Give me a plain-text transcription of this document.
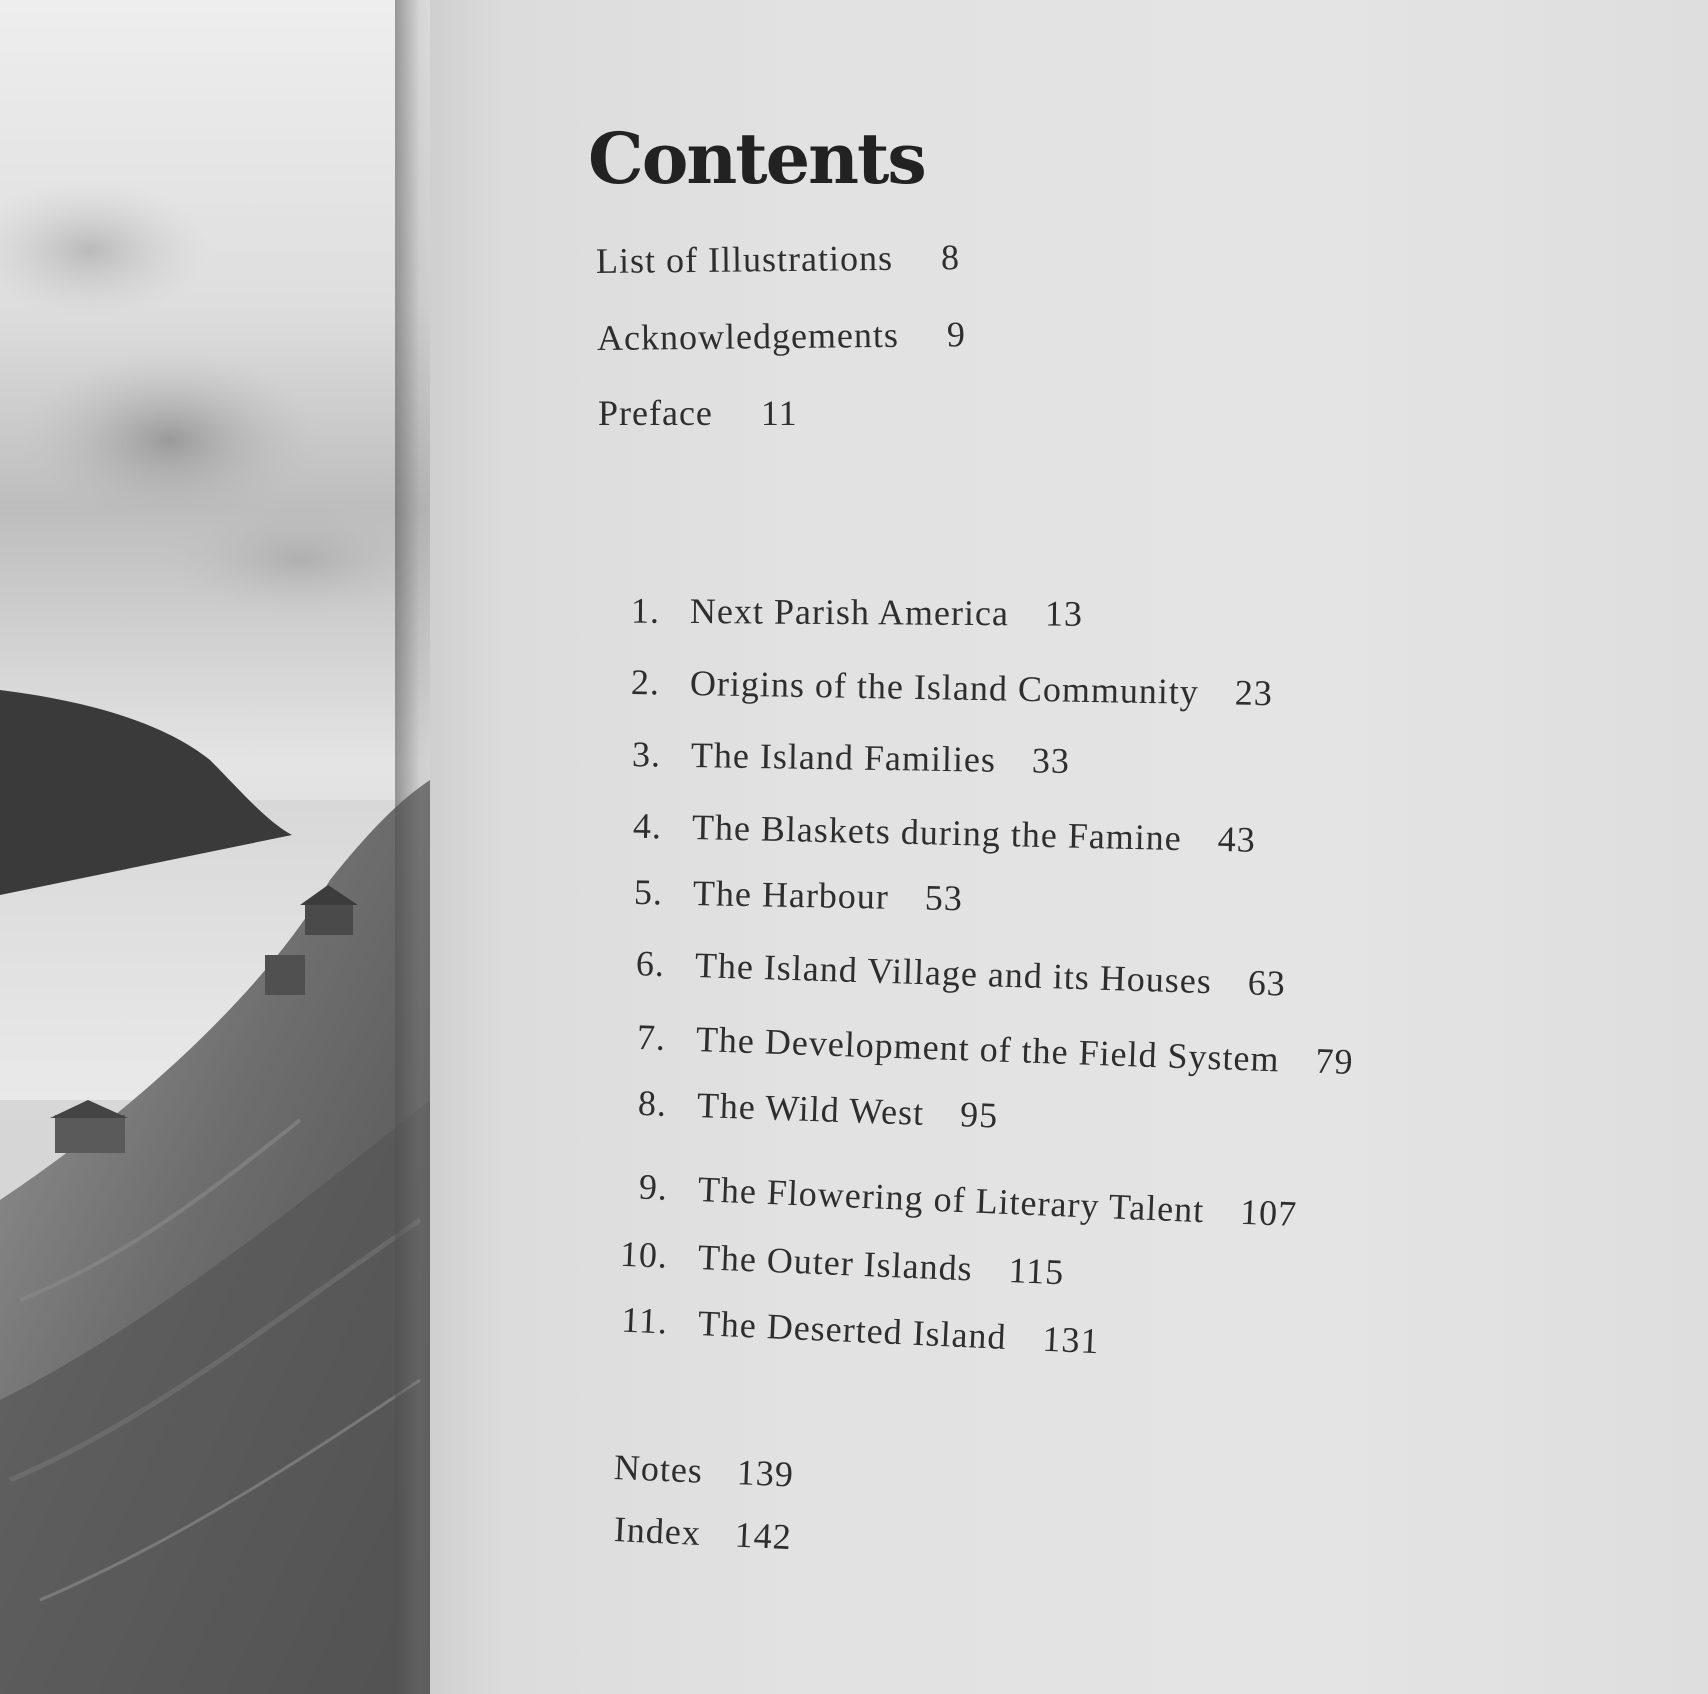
Contents
List of Illustrations 8
Acknowledgements 9
Preface 11
1. Next Parish America 13
2. Origins of the Island Community 23
3. The Island Families 33
4. The Blaskets during the Famine 43
5. The Harbour 53
6. The Island Village and its Houses 63
7. The Development of the Field System 79
8. The Wild West 95
9. The Flowering of Literary Talent 107
10. The Outer Islands 115
11. The Deserted Island 131
Notes 139
Index 142
